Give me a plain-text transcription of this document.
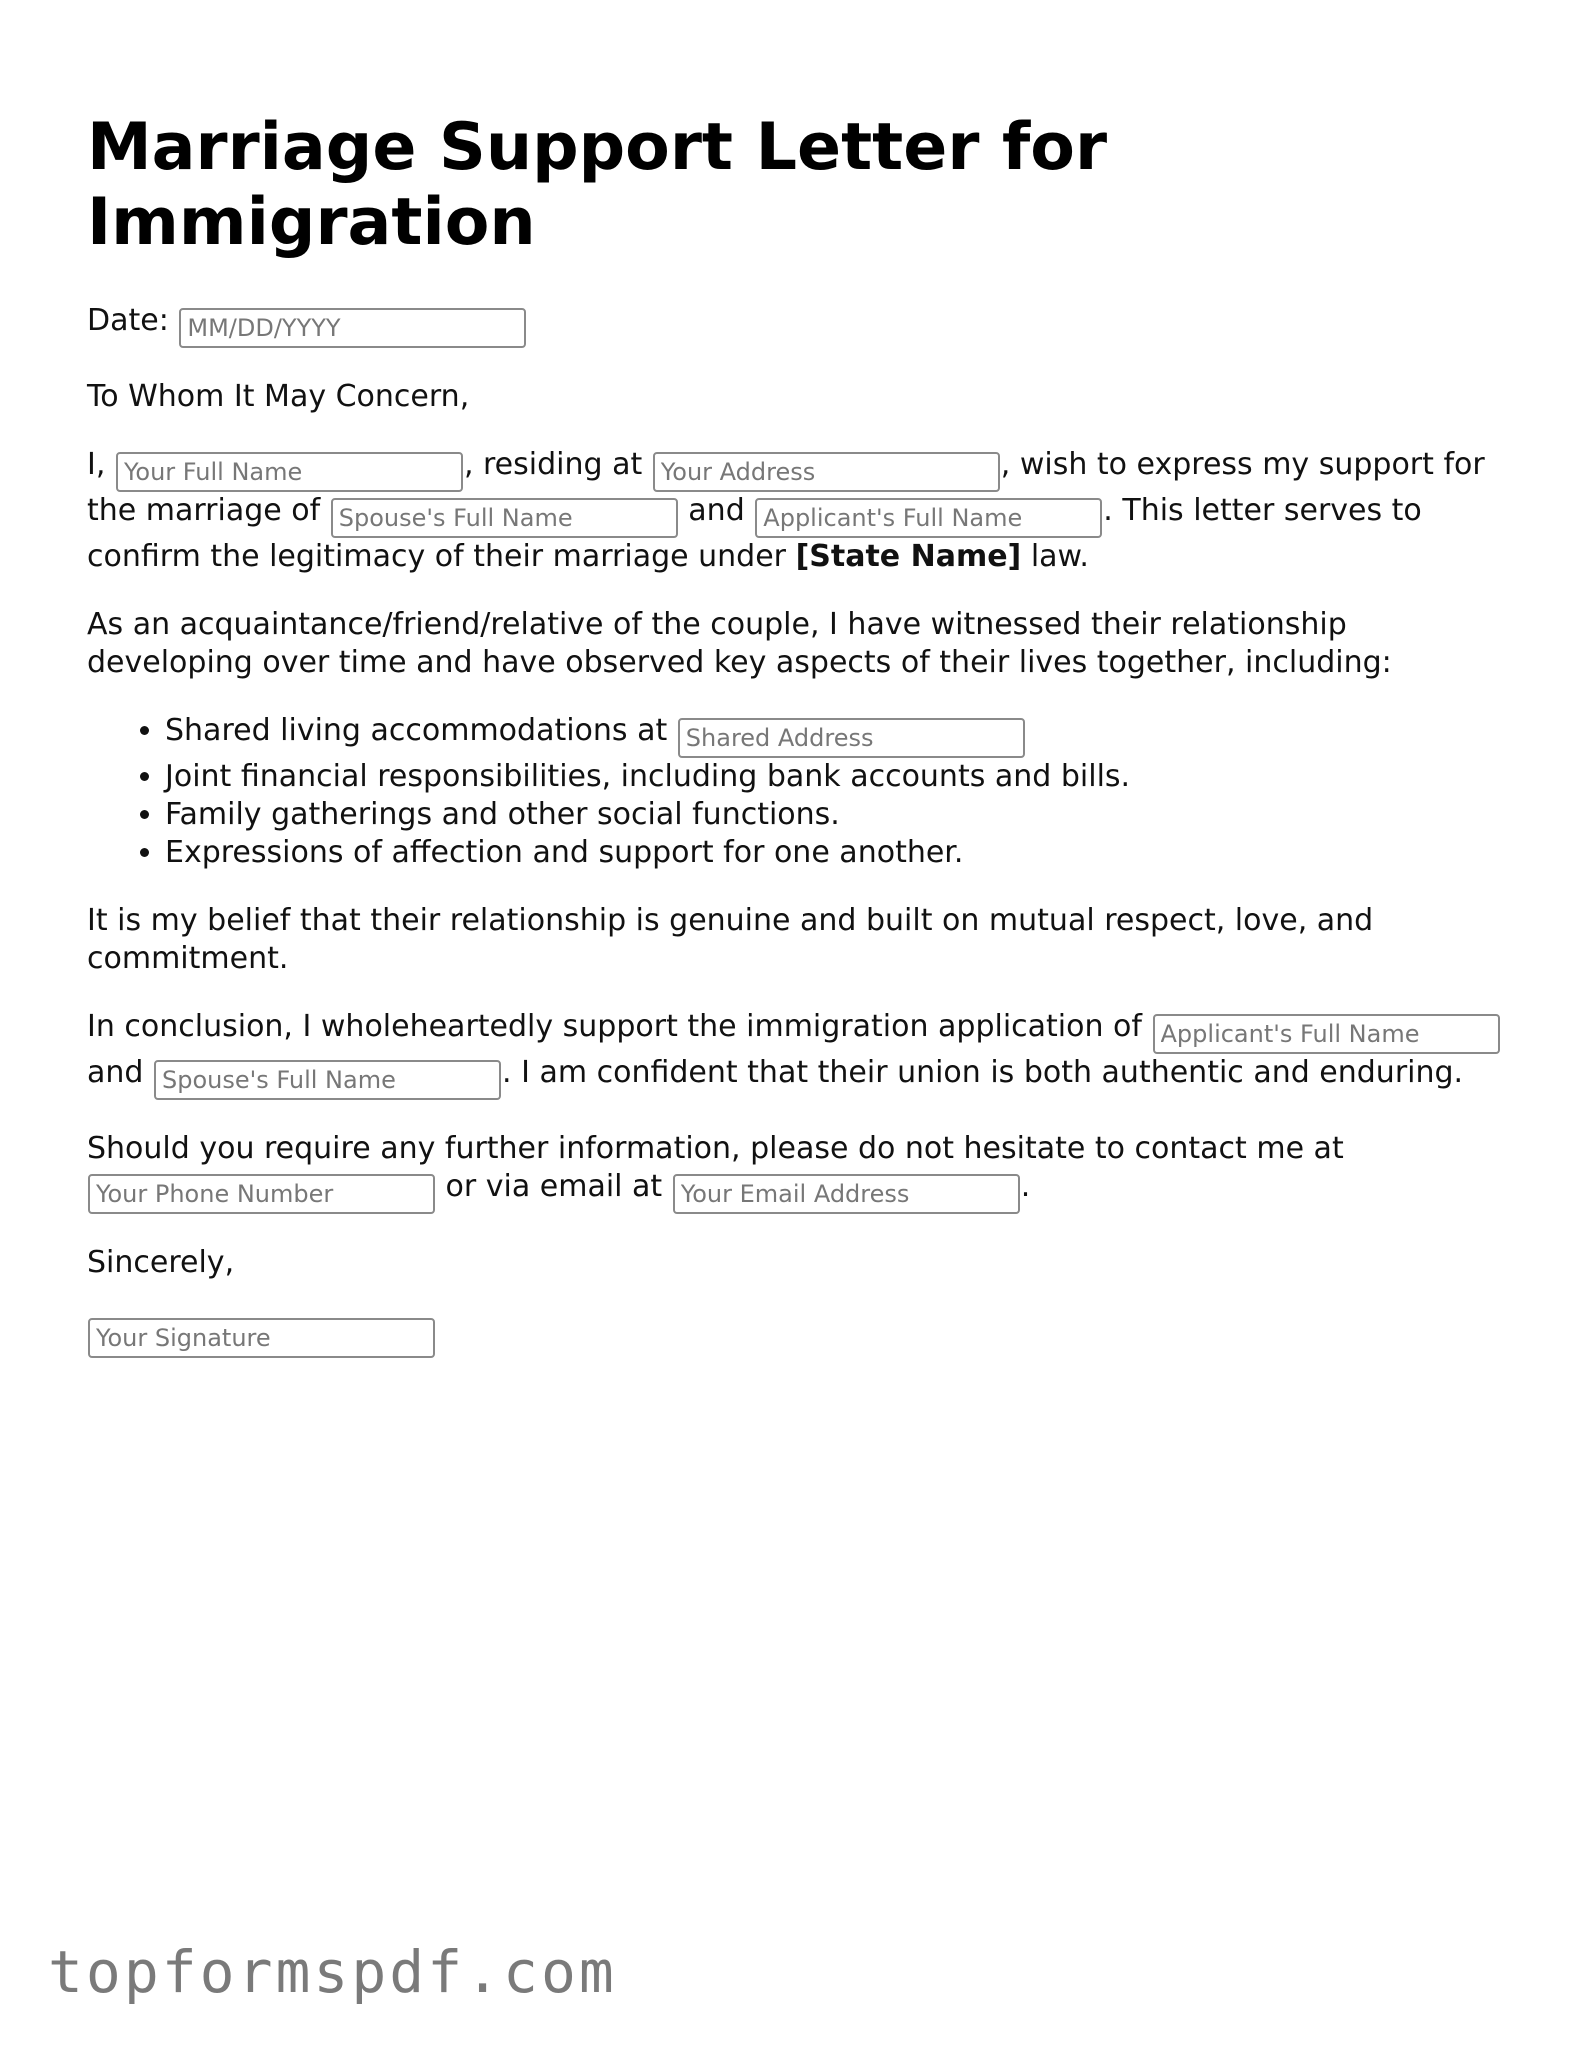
Marriage Support Letter for Immigration

Date: MM/DD/YYYY

To Whom It May Concern,

I, Your Full Name	, residing at Your Address	, wish to express my support for the marriage of Spouse's Full Name	and Applicant's Full Name	. This letter serves to confirm the legitimacy of their marriage under [State Name] law.

As an acquaintance/friend/relative of the couple, I have witnessed their relationship developing over time and have observed key aspects of their lives together, including:

• Shared living accommodations at Shared Address
• Joint financial responsibilities, including bank accounts and bills.
• Family gatherings and other social functions.
• Expressions of affection and support for one another.

It is my belief that their relationship is genuine and built on mutual respect, love, and commitment.

In conclusion, I wholeheartedly support the immigration application of Applicant's Full Name and Spouse's Full Name	. I am confident that their union is both authentic and enduring.

Should you require any further information, please do not hesitate to contact me at Your Phone Number or via email at Your Email Address	.

Sincerely,

Your Signature

topformspdf.com
